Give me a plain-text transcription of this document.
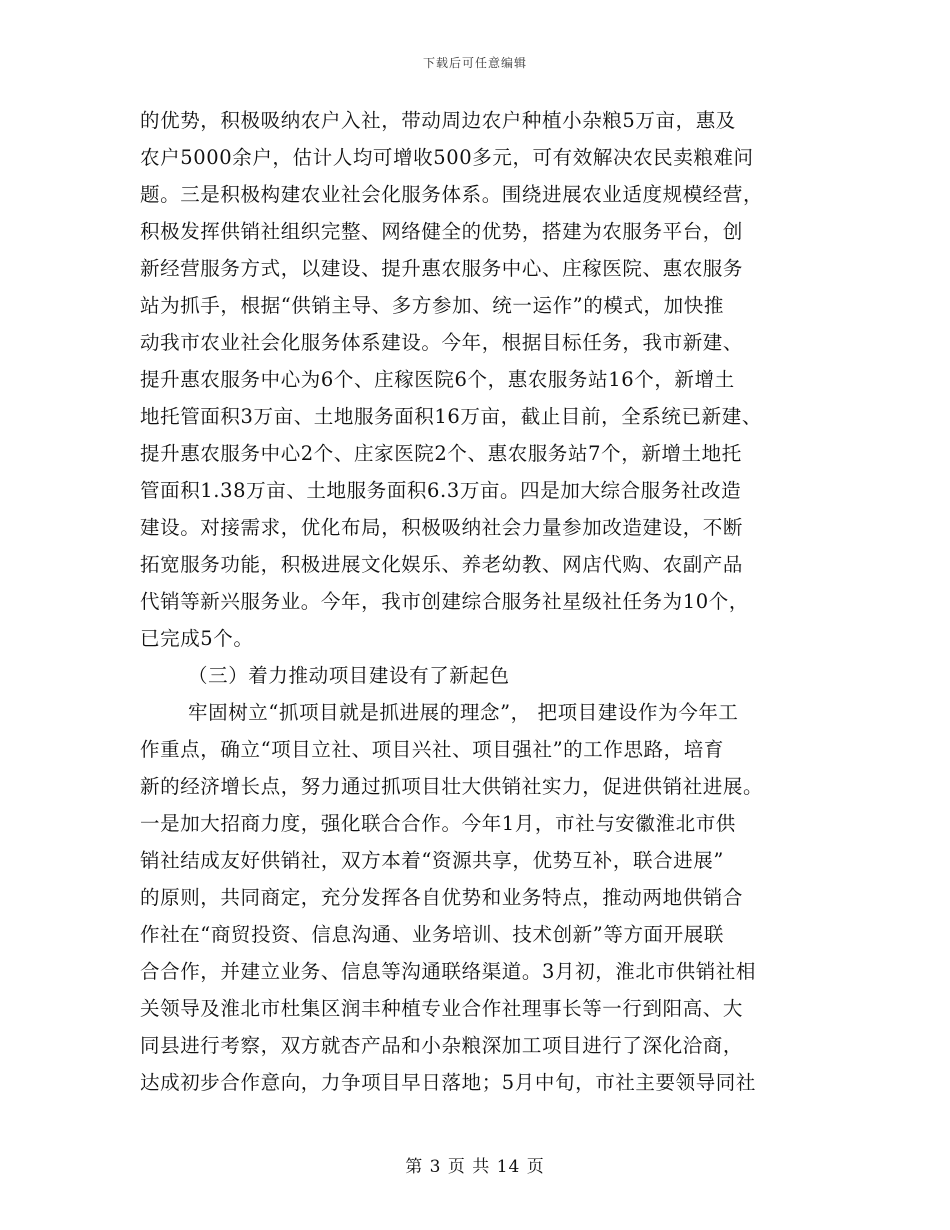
下载后可任意编辑
的优势，积极吸纳农户入社，带动周边农户种植小杂粮5万亩，惠及
农户5000余户，估计人均可增收500多元，可有效解决农民卖粮难问
题。三是积极构建农业社会化服务体系。围绕进展农业适度规模经营，
积极发挥供销社组织完整、网络健全的优势，搭建为农服务平台，创
新经营服务方式，以建设、提升惠农服务中心、庄稼医院、惠农服务
站为抓手，根据“供销主导、多方参加、统一运作”的模式，加快推
动我市农业社会化服务体系建设。今年，根据目标任务，我市新建、
提升惠农服务中心为6个、庄稼医院6个，惠农服务站16个，新增土
地托管面积3万亩、土地服务面积16万亩，截止目前，全系统已新建、
提升惠农服务中心2个、庄家医院2个、惠农服务站7个，新增土地托
管面积1.38万亩、土地服务面积6.3万亩。四是加大综合服务社改造
建设。对接需求，优化布局，积极吸纳社会力量参加改造建设，不断
拓宽服务功能，积极进展文化娱乐、养老幼教、网店代购、农副产品
代销等新兴服务业。今年，我市创建综合服务社星级社任务为10个，
已完成5个。
（三）着力推动项目建设有了新起色
牢固树立“抓项目就是抓进展的理念”， 把项目建设作为今年工
作重点，确立“项目立社、项目兴社、项目强社”的工作思路，培育
新的经济增长点，努力通过抓项目壮大供销社实力，促进供销社进展。
一是加大招商力度，强化联合合作。今年1月，市社与安徽淮北市供
销社结成友好供销社，双方本着“资源共享，优势互补，联合进展”
的原则，共同商定，充分发挥各自优势和业务特点，推动两地供销合
作社在“商贸投资、信息沟通、业务培训、技术创新”等方面开展联
合合作，并建立业务、信息等沟通联络渠道。3月初，淮北市供销社相
关领导及淮北市杜集区润丰种植专业合作社理事长等一行到阳高、大
同县进行考察，双方就杏产品和小杂粮深加工项目进行了深化洽商，
达成初步合作意向，力争项目早日落地；5月中旬，市社主要领导同社
第 3 页 共 14 页
